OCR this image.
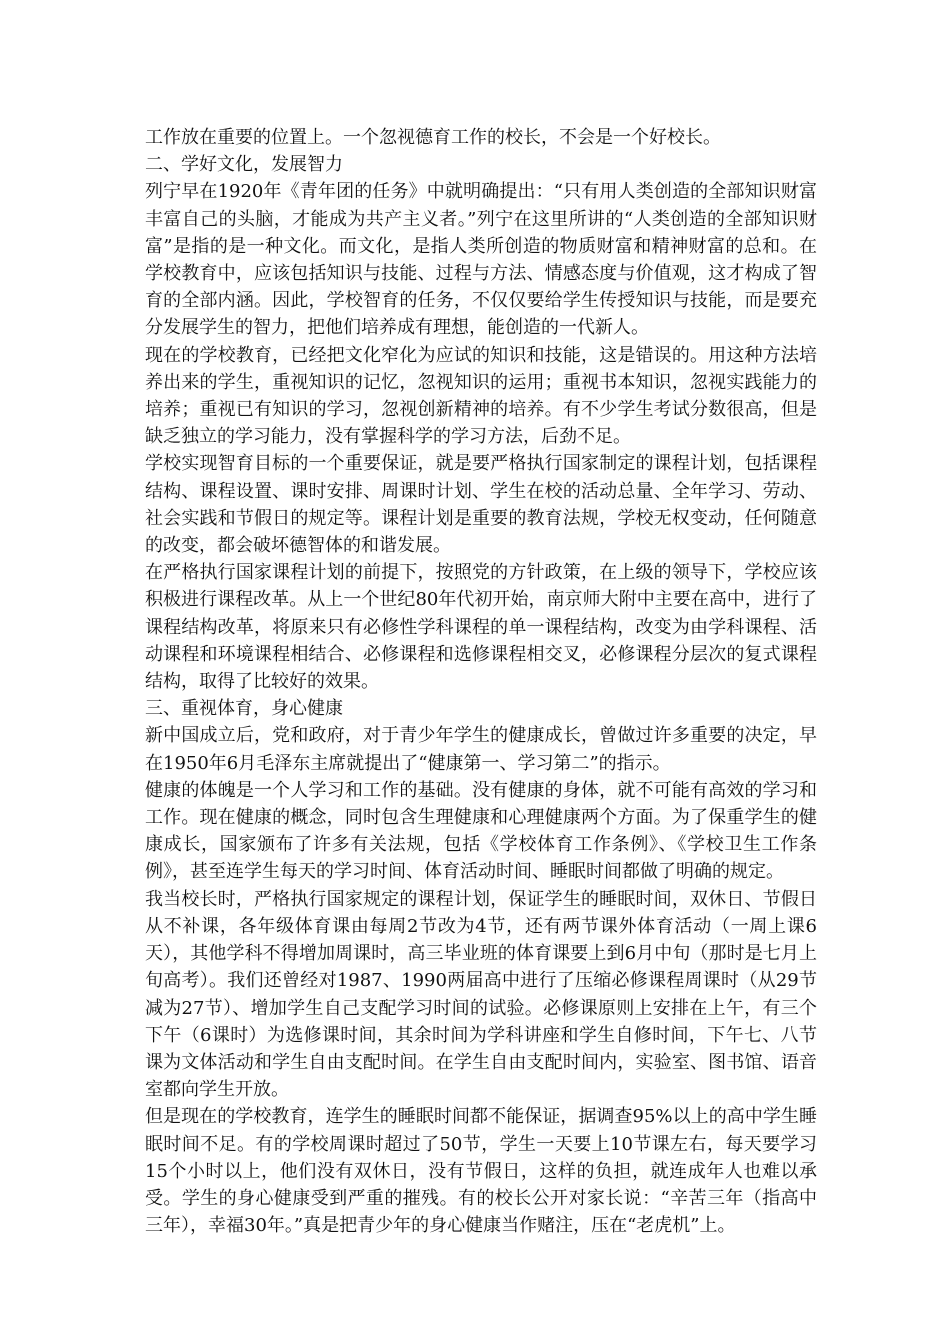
工作放在重要的位置上。一个忽视德育工作的校长，不会是一个好校长。

二、学好文化，发展智力

列宁早在1920年《青年团的任务》中就明确提出：“只有用人类创造的全部知识财富丰富自己的头脑，才能成为共产主义者。”列宁在这里所讲的“人类创造的全部知识财富”是指的是一种文化。而文化，是指人类所创造的物质财富和精神财富的总和。在学校教育中，应该包括知识与技能、过程与方法、情感态度与价值观，这才构成了智育的全部内涵。因此，学校智育的任务，不仅仅要给学生传授知识与技能，而是要充分发展学生的智力，把他们培养成有理想，能创造的一代新人。

现在的学校教育，已经把文化窄化为应试的知识和技能，这是错误的。用这种方法培养出来的学生，重视知识的记忆，忽视知识的运用；重视书本知识，忽视实践能力的培养；重视已有知识的学习，忽视创新精神的培养。有不少学生考试分数很高，但是缺乏独立的学习能力，没有掌握科学的学习方法，后劲不足。

学校实现智育目标的一个重要保证，就是要严格执行国家制定的课程计划，包括课程结构、课程设置、课时安排、周课时计划、学生在校的活动总量、全年学习、劳动、社会实践和节假日的规定等。课程计划是重要的教育法规，学校无权变动，任何随意的改变，都会破坏德智体的和谐发展。

在严格执行国家课程计划的前提下，按照党的方针政策，在上级的领导下，学校应该积极进行课程改革。从上一个世纪80年代初开始，南京师大附中主要在高中，进行了课程结构改革，将原来只有必修性学科课程的单一课程结构，改变为由学科课程、活动课程和环境课程相结合、必修课程和选修课程相交叉，必修课程分层次的复式课程结构，取得了比较好的效果。

三、重视体育，身心健康

新中国成立后，党和政府，对于青少年学生的健康成长，曾做过许多重要的决定，早在1950年6月毛泽东主席就提出了“健康第一、学习第二”的指示。

健康的体魄是一个人学习和工作的基础。没有健康的身体，就不可能有高效的学习和工作。现在健康的概念，同时包含生理健康和心理健康两个方面。为了保重学生的健康成长，国家颁布了许多有关法规，包括《学校体育工作条例》、《学校卫生工作条例》，甚至连学生每天的学习时间、体育活动时间、睡眠时间都做了明确的规定。

我当校长时，严格执行国家规定的课程计划，保证学生的睡眠时间，双休日、节假日从不补课，各年级体育课由每周2节改为4节，还有两节课外体育活动（一周上课6天），其他学科不得增加周课时，高三毕业班的体育课要上到6月中旬（那时是七月上旬高考）。我们还曾经对1987、1990两届高中进行了压缩必修课程周课时（从29节减为27节）、增加学生自己支配学习时间的试验。必修课原则上安排在上午，有三个下午（6课时）为选修课时间，其余时间为学科讲座和学生自修时间，下午七、八节课为文体活动和学生自由支配时间。在学生自由支配时间内，实验室、图书馆、语音室都向学生开放。

但是现在的学校教育，连学生的睡眠时间都不能保证，据调查95%以上的高中学生睡眠时间不足。有的学校周课时超过了50节，学生一天要上10节课左右，每天要学习15个小时以上，他们没有双休日，没有节假日，这样的负担，就连成年人也难以承受。学生的身心健康受到严重的摧残。有的校长公开对家长说：“辛苦三年（指高中三年），幸福30年。”真是把青少年的身心健康当作赌注，压在“老虎机”上。
